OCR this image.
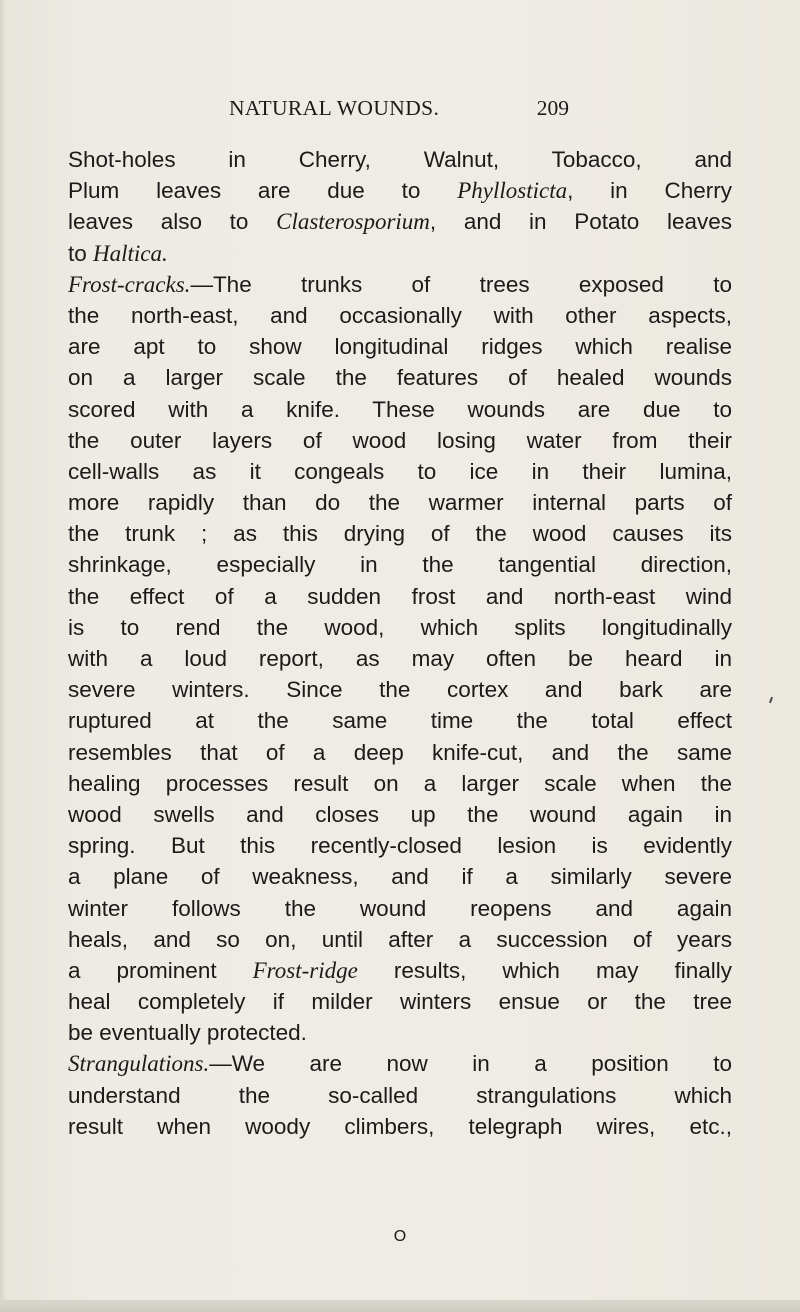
NATURAL WOUNDS.	209
Shot-holes in Cherry, Walnut, Tobacco, and
Plum leaves are due to Phyllosticta, in Cherry
leaves also to Clasterosporium, and in Potato leaves
to Haltica.
Frost-cracks.—The trunks of trees exposed to
the north-east, and occasionally with other aspects,
are apt to show longitudinal ridges which realise
on a larger scale the features of healed wounds
scored with a knife. These wounds are due to
the outer layers of wood losing water from their
cell-walls as it congeals to ice in their lumina,
more rapidly than do the warmer internal parts of
the trunk ; as this drying of the wood causes its
shrinkage, especially in the tangential direction,
the effect of a sudden frost and north-east wind
is to rend the wood, which splits longitudinally
with a loud report, as may often be heard in
severe winters. Since the cortex and bark are
ruptured at the same time the total effect
resembles that of a deep knife-cut, and the same
healing processes result on a larger scale when the
wood swells and closes up the wound again in
spring. But this recently-closed lesion is evidently
a plane of weakness, and if a similarly severe
winter follows the wound reopens and again
heals, and so on, until after a succession of years
a prominent Frost-ridge results, which may finally
heal completely if milder winters ensue or the tree
be eventually protected.
Strangulations.—We are now in a position to
understand the so-called strangulations which
result when woody climbers, telegraph wires, etc.,
O
